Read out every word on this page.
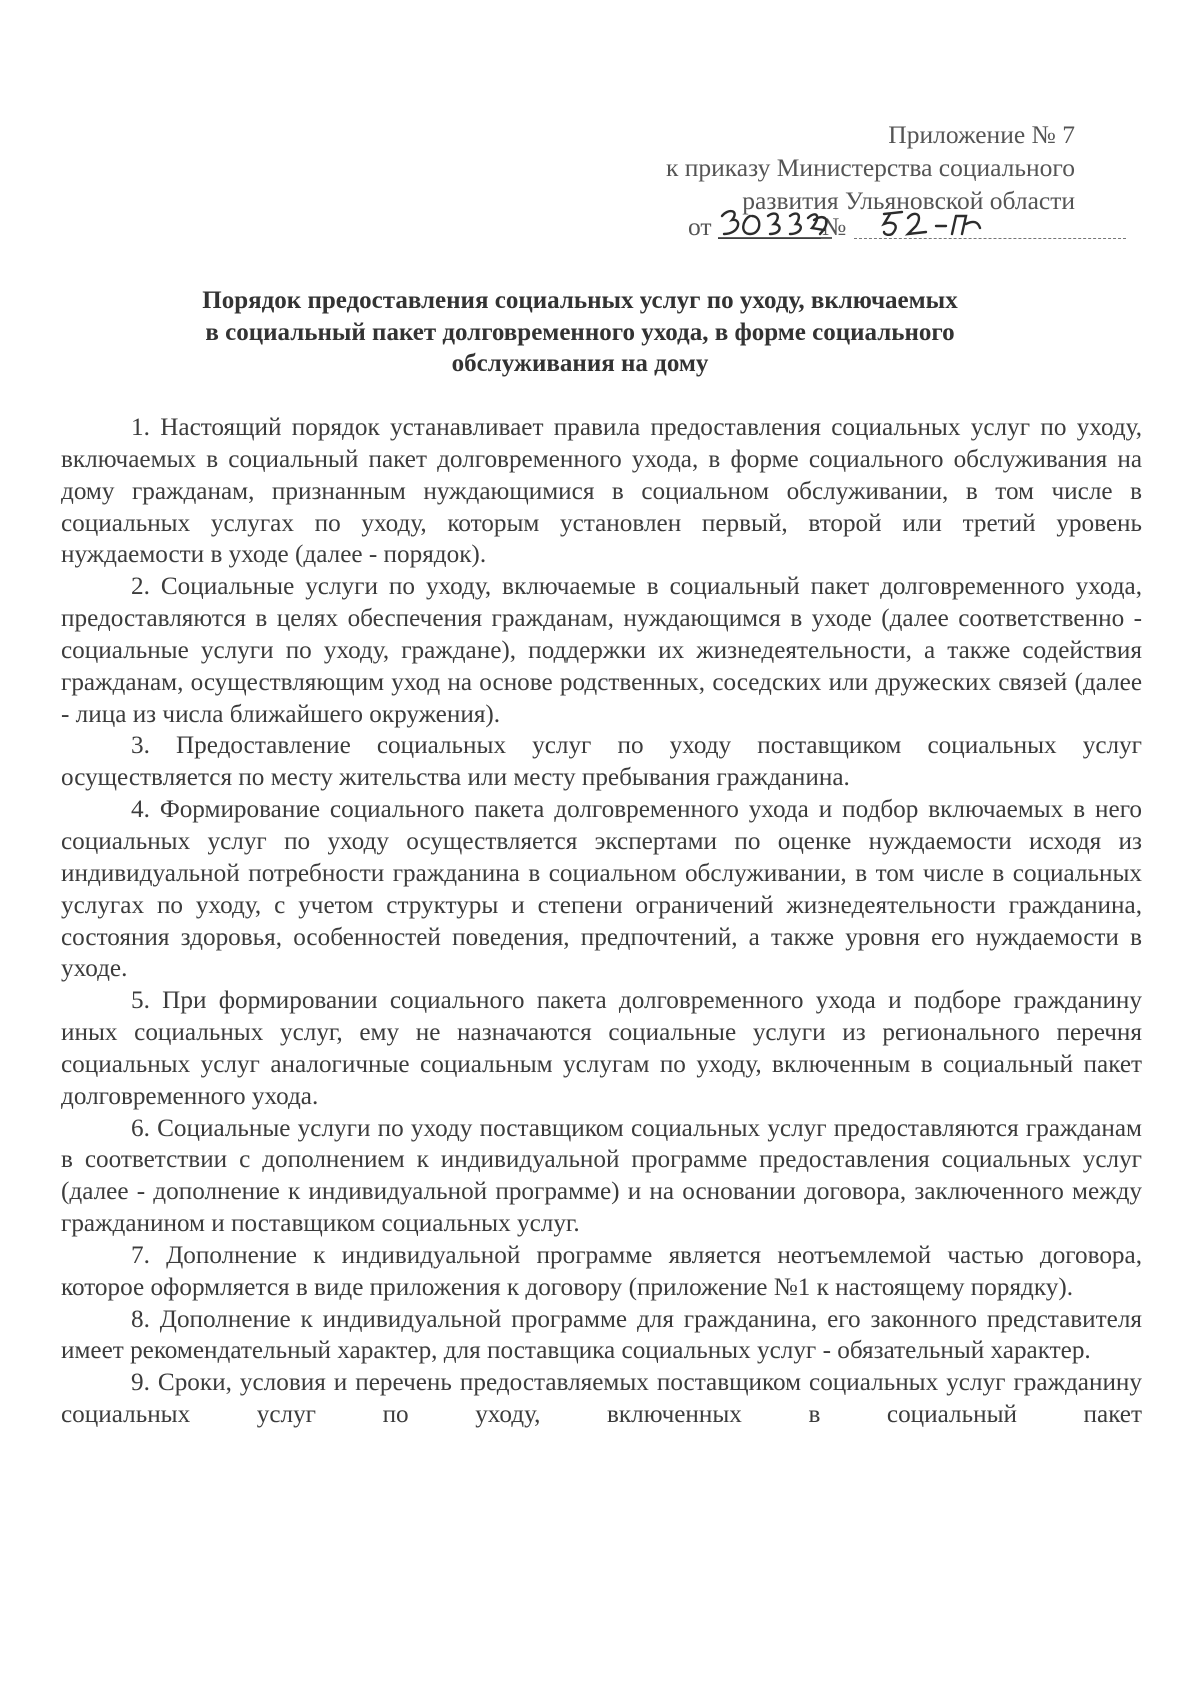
Приложение № 7
к приказу Министерства социального
развития Ульяновской области
от	№
Порядок предоставления социальных услуг по уходу, включаемых
в социальный пакет долговременного ухода, в форме социального
обслуживания на дому

1. Настоящий порядок устанавливает правила предоставления социальных услуг по уходу, включаемых в социальный пакет долговременного ухода, в форме социального обслуживания на дому гражданам, признанным нуждающимися в социальном обслуживании, в том числе в социальных услугах по уходу, которым установлен первый, второй или третий уровень нуждаемости в уходе (далее - порядок).

2. Социальные услуги по уходу, включаемые в социальный пакет долговременного ухода, предоставляются в целях обеспечения гражданам, нуждающимся в уходе (далее соответственно - социальные услуги по уходу, граждане), поддержки их жизнедеятельности, а также содействия гражданам, осуществляющим уход на основе родственных, соседских или дружеских связей (далее - лица из числа ближайшего окружения).

3. Предоставление социальных услуг по уходу поставщиком социальных услуг осуществляется по месту жительства или месту пребывания гражданина.

4. Формирование социального пакета долговременного ухода и подбор включаемых в него социальных услуг по уходу осуществляется экспертами по оценке нуждаемости исходя из индивидуальной потребности гражданина в социальном обслуживании, в том числе в социальных услугах по уходу, с учетом структуры и степени ограничений жизнедеятельности гражданина, состояния здоровья, особенностей поведения, предпочтений, а также уровня его нуждаемости в уходе.

5. При формировании социального пакета долговременного ухода и подборе гражданину иных социальных услуг, ему не назначаются социальные услуги из регионального перечня социальных услуг аналогичные социальным услугам по уходу, включенным в социальный пакет долговременного ухода.

6. Социальные услуги по уходу поставщиком социальных услуг предоставляются гражданам в соответствии с дополнением к индивидуальной программе предоставления социальных услуг (далее - дополнение к индивидуальной программе) и на основании договора, заключенного между гражданином и поставщиком социальных услуг.

7. Дополнение к индивидуальной программе является неотъемлемой частью договора, которое оформляется в виде приложения к договору (приложение №1 к настоящему порядку).

8. Дополнение к индивидуальной программе для гражданина, его законного представителя имеет рекомендательный характер, для поставщика социальных услуг - обязательный характер.

9. Сроки, условия и перечень предоставляемых поставщиком социальных услуг гражданину социальных услуг по уходу, включенных в социальный пакет
